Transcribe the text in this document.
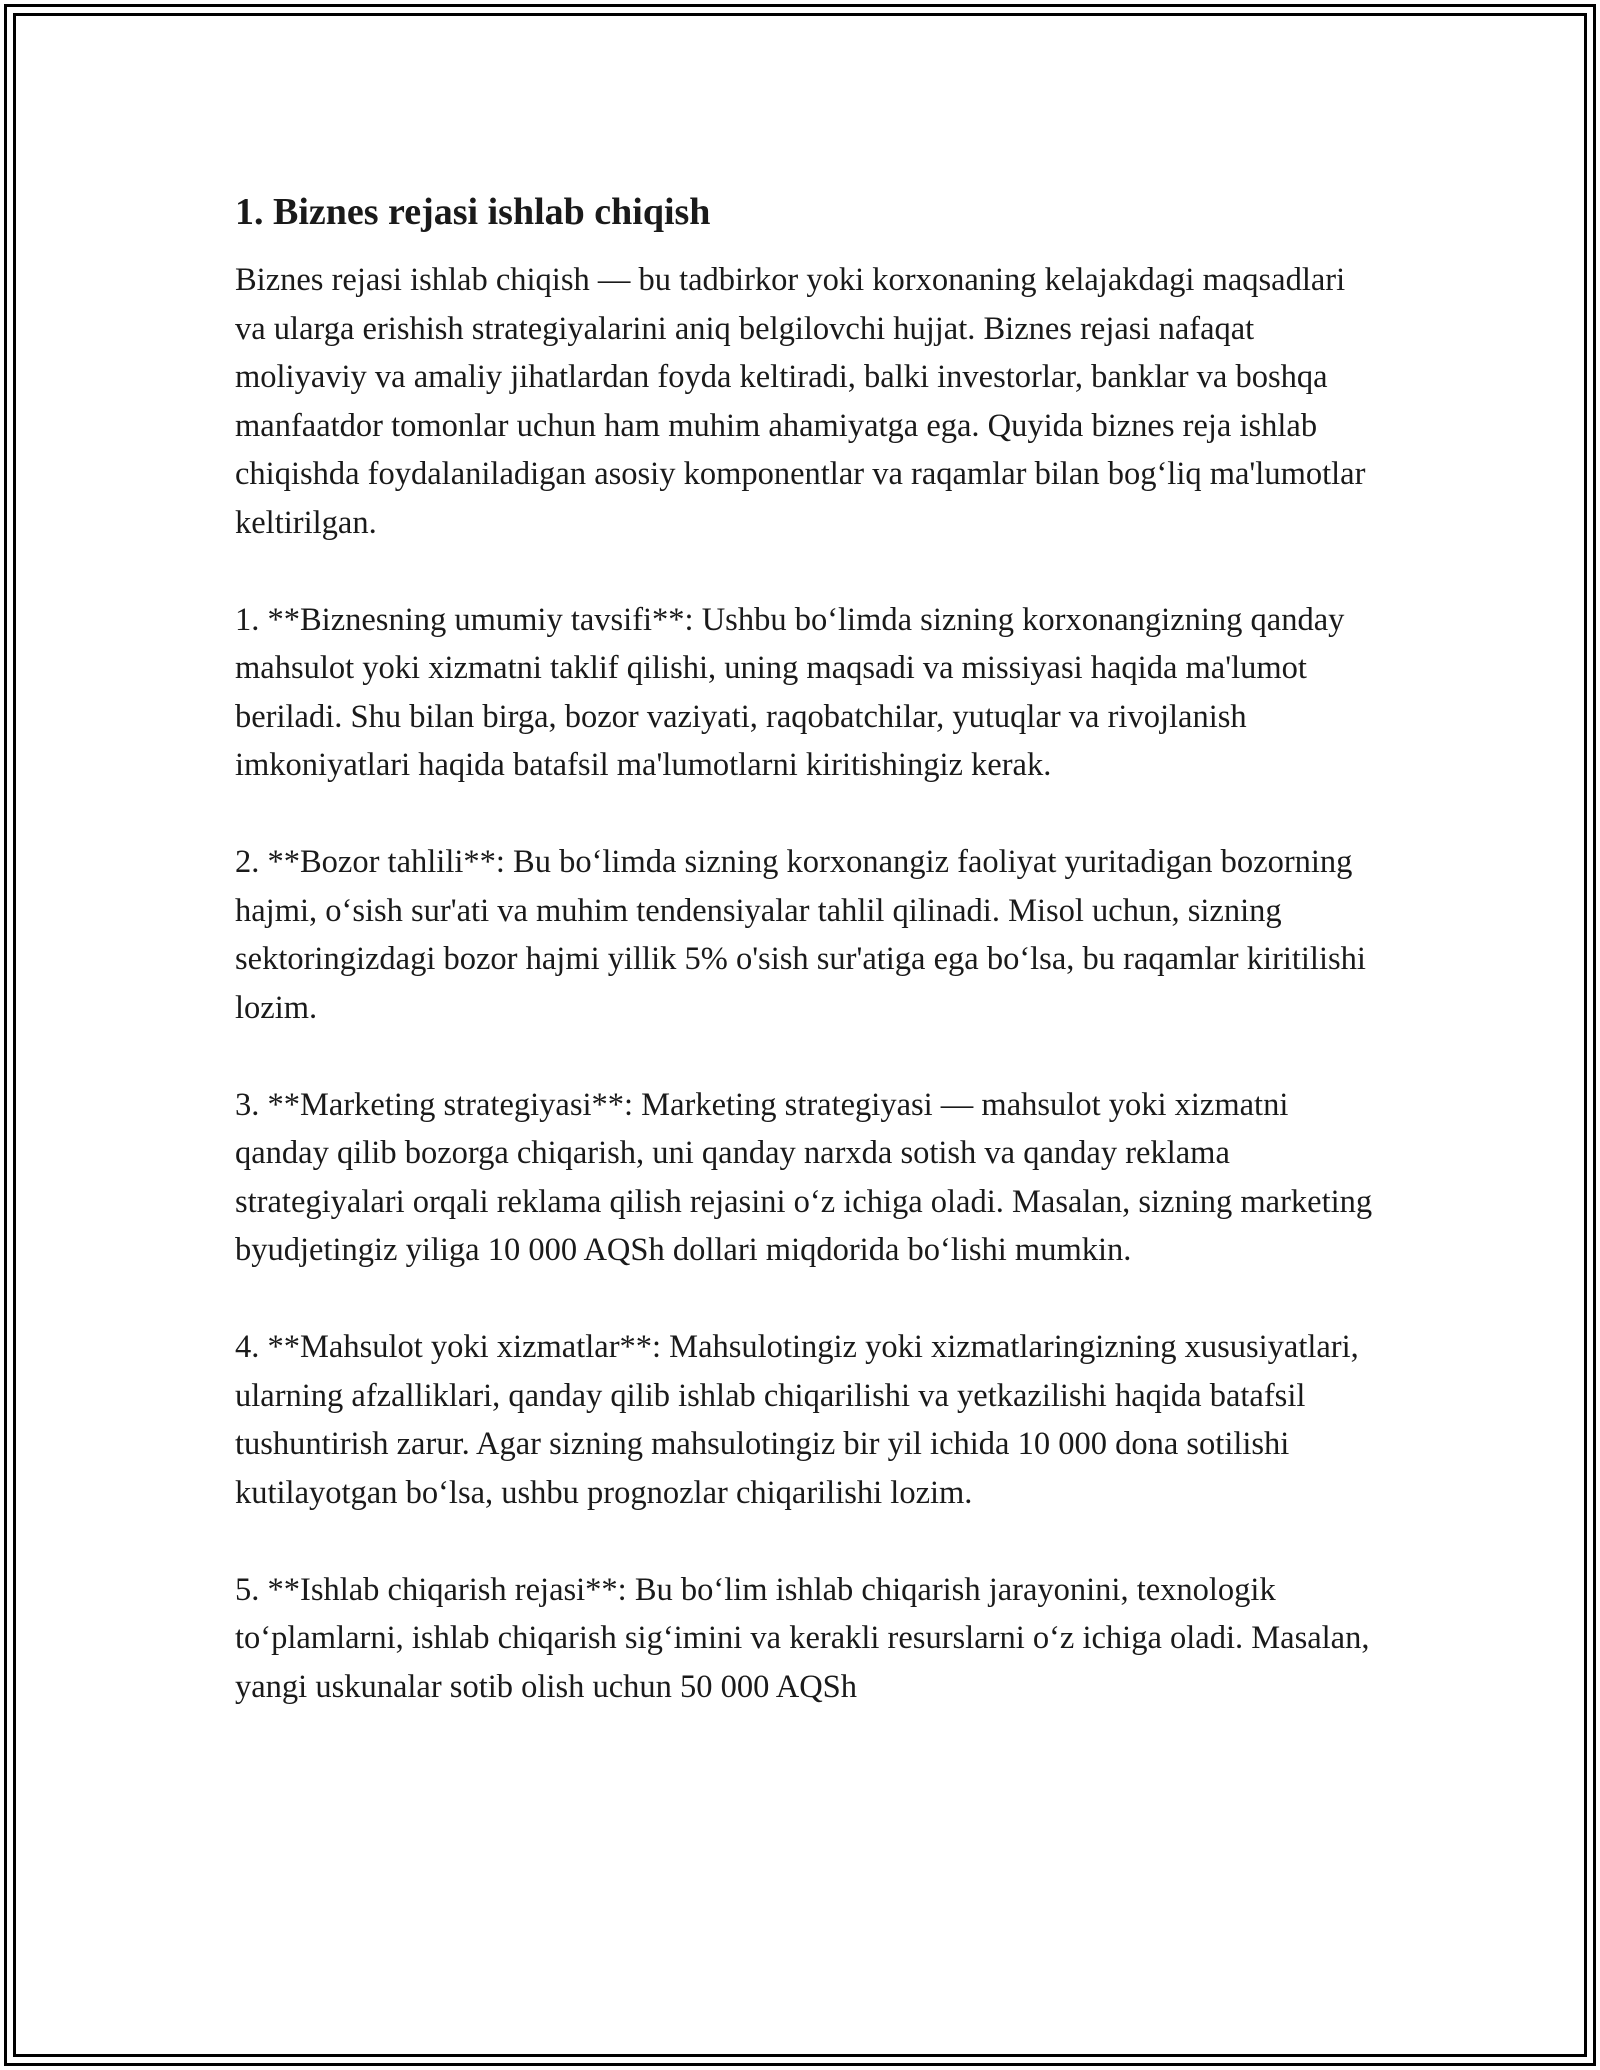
1. Biznes rejasi ishlab chiqish

Biznes rejasi ishlab chiqish — bu tadbirkor yoki korxonaning kelajakdagi maqsadlari va ularga erishish strategiyalarini aniq belgilovchi hujjat. Biznes rejasi nafaqat moliyaviy va amaliy jihatlardan foyda keltiradi, balki investorlar, banklar va boshqa manfaatdor tomonlar uchun ham muhim ahamiyatga ega. Quyida biznes reja ishlab chiqishda foydalaniladigan asosiy komponentlar va raqamlar bilan bog‘liq ma'lumotlar keltirilgan.

1. **Biznesning umumiy tavsifi**: Ushbu bo‘limda sizning korxonangizning qanday mahsulot yoki xizmatni taklif qilishi, uning maqsadi va missiyasi haqida ma'lumot beriladi. Shu bilan birga, bozor vaziyati, raqobatchilar, yutuqlar va rivojlanish imkoniyatlari haqida batafsil ma'lumotlarni kiritishingiz kerak.

2. **Bozor tahlili**: Bu bo‘limda sizning korxonangiz faoliyat yuritadigan bozorning hajmi, o‘sish sur'ati va muhim tendensiyalar tahlil qilinadi. Misol uchun, sizning sektoringizdagi bozor hajmi yillik 5% o'sish sur'atiga ega bo‘lsa, bu raqamlar kiritilishi lozim.

3. **Marketing strategiyasi**: Marketing strategiyasi — mahsulot yoki xizmatni qanday qilib bozorga chiqarish, uni qanday narxda sotish va qanday reklama strategiyalari orqali reklama qilish rejasini o‘z ichiga oladi. Masalan, sizning marketing byudjetingiz yiliga 10 000 AQSh dollari miqdorida bo‘lishi mumkin.

4. **Mahsulot yoki xizmatlar**: Mahsulotingiz yoki xizmatlaringizning xususiyatlari, ularning afzalliklari, qanday qilib ishlab chiqarilishi va yetkazilishi haqida batafsil tushuntirish zarur. Agar sizning mahsulotingiz bir yil ichida 10 000 dona sotilishi kutilayotgan bo‘lsa, ushbu prognozlar chiqarilishi lozim.

5. **Ishlab chiqarish rejasi**: Bu bo‘lim ishlab chiqarish jarayonini, texnologik to‘plamlarni, ishlab chiqarish sig‘imini va kerakli resurslarni o‘z ichiga oladi. Masalan, yangi uskunalar sotib olish uchun 50 000 AQSh
